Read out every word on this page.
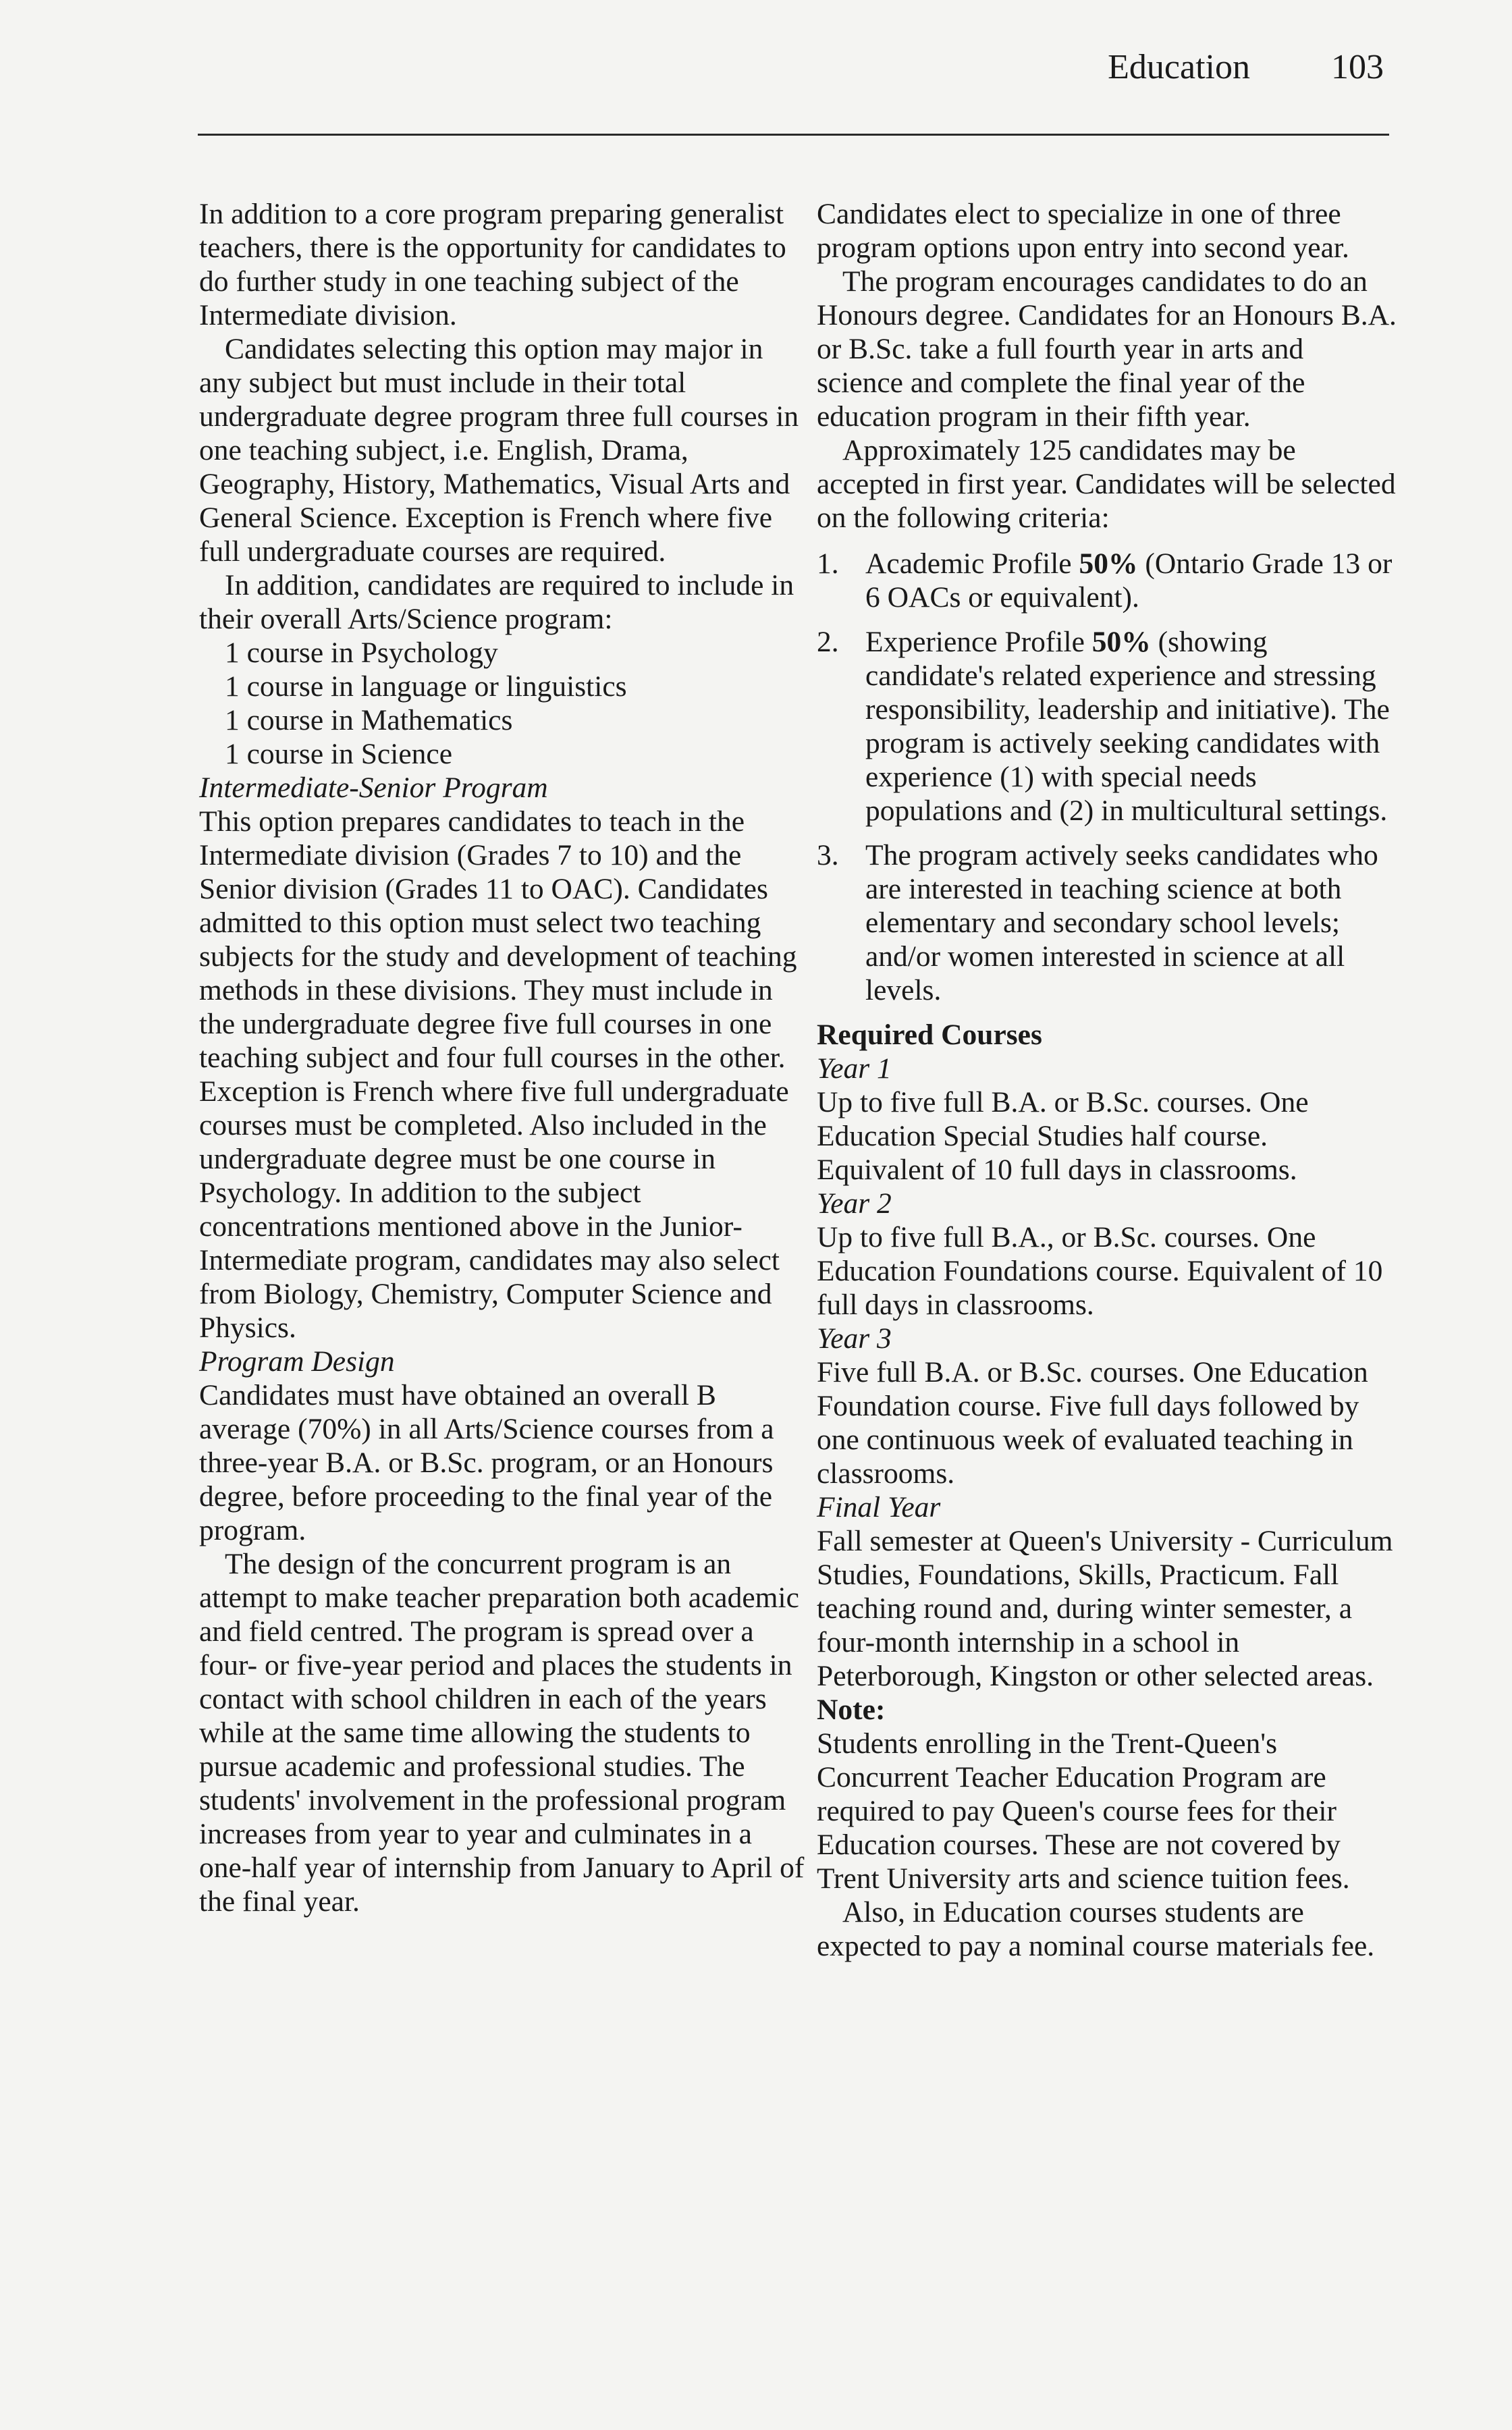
Education 103

In addition to a core program preparing generalist teachers, there is the opportunity for candidates to do further study in one teaching subject of the Intermediate division.

Candidates selecting this option may major in any subject but must include in their total undergraduate degree program three full courses in one teaching subject, i.e. English, Drama, Geography, History, Mathematics, Visual Arts and General Science. Exception is French where five full undergraduate courses are required.

In addition, candidates are required to include in their overall Arts/Science program:

1 course in Psychology
1 course in language or linguistics
1 course in Mathematics
1 course in Science

Intermediate-Senior Program

This option prepares candidates to teach in the Intermediate division (Grades 7 to 10) and the Senior division (Grades 11 to OAC). Candidates admitted to this option must select two teaching subjects for the study and development of teaching methods in these divisions. They must include in the undergraduate degree five full courses in one teaching subject and four full courses in the other. Exception is French where five full undergraduate courses must be completed. Also included in the undergraduate degree must be one course in Psychology. In addition to the subject concentrations mentioned above in the Junior-Intermediate program, candidates may also select from Biology, Chemistry, Computer Science and Physics.

Program Design

Candidates must have obtained an overall B average (70%) in all Arts/Science courses from a three-year B.A. or B.Sc. program, or an Honours degree, before proceeding to the final year of the program.

The design of the concurrent program is an attempt to make teacher preparation both academic and field centred. The program is spread over a four- or five-year period and places the students in contact with school children in each of the years while at the same time allowing the students to pursue academic and professional studies. The students' involvement in the professional program increases from year to year and culminates in a one-half year of internship from January to April of the final year.

Candidates elect to specialize in one of three program options upon entry into second year.

The program encourages candidates to do an Honours degree. Candidates for an Honours B.A. or B.Sc. take a full fourth year in arts and science and complete the final year of the education program in their fifth year.

Approximately 125 candidates may be accepted in first year. Candidates will be selected on the following criteria:

1. Academic Profile 50% (Ontario Grade 13 or 6 OACs or equivalent).
2. Experience Profile 50% (showing candidate's related experience and stressing responsibility, leadership and initiative). The program is actively seeking candidates with experience (1) with special needs populations and (2) in multicultural settings.
3. The program actively seeks candidates who are interested in teaching science at both elementary and secondary school levels; and/or women interested in science at all levels.

Required Courses

Year 1

Up to five full B.A. or B.Sc. courses. One Education Special Studies half course. Equivalent of 10 full days in classrooms.

Year 2

Up to five full B.A., or B.Sc. courses. One Education Foundations course. Equivalent of 10 full days in classrooms.

Year 3

Five full B.A. or B.Sc. courses. One Education Foundation course. Five full days followed by one continuous week of evaluated teaching in classrooms.

Final Year

Fall semester at Queen's University - Curriculum Studies, Foundations, Skills, Practicum. Fall teaching round and, during winter semester, a four-month internship in a school in Peterborough, Kingston or other selected areas.

Note:

Students enrolling in the Trent-Queen's Concurrent Teacher Education Program are required to pay Queen's course fees for their Education courses. These are not covered by Trent University arts and science tuition fees.

Also, in Education courses students are expected to pay a nominal course materials fee.
